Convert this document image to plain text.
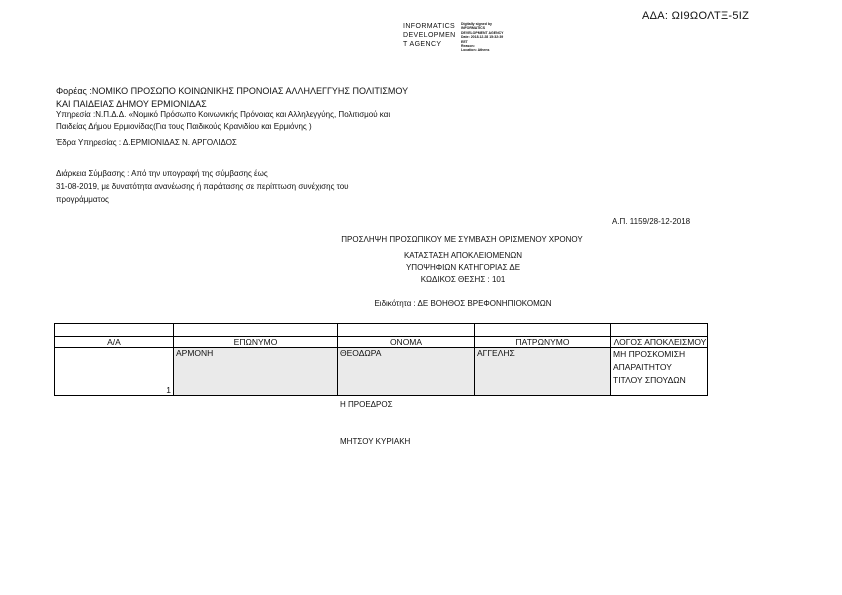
ΑΔΑ: ΩΙ9ΩΟΛΤΞ-5ΙΖ
INFORMATICS
DEVELOPMEN
T AGENCY
Digitally signed by
INFORMATICS
DEVELOPMENT AGENCY
Date: 2018.12.28 15:32:39
EET
Reason:
Location: Athens
Φορέας :ΝΟΜΙΚΟ ΠΡΟΣΩΠΟ ΚΟΙΝΩΝΙΚΗΣ ΠΡΟΝΟΙΑΣ ΑΛΛΗΛΕΓΓΥΗΣ ΠΟΛΙΤΙΣΜΟΥ
ΚΑΙ ΠΑΙΔΕΙΑΣ ΔΗΜΟΥ ΕΡΜΙΟΝΙΔΑΣ
Υπηρεσία :Ν.Π.Δ.Δ. «Νομικό Πρόσωπο Κοινωνικής Πρόνοιας και Αλληλεγγύης, Πολιτισμού και
Παιδείας Δήμου Ερμιονίδας(Για τους Παιδικούς Κρανιδίου και Ερμιόνης )
Έδρα Υπηρεσίας : Δ.ΕΡΜΙΟΝΙΔΑΣ Ν. ΑΡΓΟΛΙΔΟΣ
Διάρκεια Σύμβασης : Από την υπογραφή της σύμβασης έως
31-08-2019, με δυνατότητα ανανέωσης ή παράτασης σε περίπτωση συνέχισης του
προγράμματος
Α.Π. 1159/28-12-2018
ΠΡΟΣΛΗΨΗ ΠΡΟΣΩΠΙΚΟΥ ΜΕ ΣΥΜΒΑΣΗ ΟΡΙΣΜΕΝΟΥ ΧΡΟΝΟΥ
ΚΑΤΑΣΤΑΣΗ ΑΠΟΚΛΕΙΟΜΕΝΩΝ
ΥΠΟΨΗΦΙΩΝ ΚΑΤΗΓΟΡΙΑΣ ΔΕ
ΚΩΔΙΚΟΣ ΘΕΣΗΣ : 101
Ειδικότητα : ΔΕ ΒΟΗΘΟΣ ΒΡΕΦΟΝΗΠΙΟΚΟΜΩΝ

Α/Α	ΕΠΩΝΥΜΟ	ΟΝΟΜΑ	ΠΑΤΡΩΝΥΜΟ	ΛΟΓΟΣ ΑΠΟΚΛΕΙΣΜΟΥ

1	ΑΡΜΟΝΗ	ΘΕΟΔΩΡΑ	ΑΓΓΕΛΗΣ	ΜΗ ΠΡΟΣΚΟΜΙΣΗ
ΑΠΑΡΑΙΤΗΤΟΥ
ΤΙΤΛΟΥ ΣΠΟΥΔΩΝ
Η ΠΡΟΕΔΡΟΣ
ΜΗΤΣΟΥ ΚΥΡΙΑΚΗ
